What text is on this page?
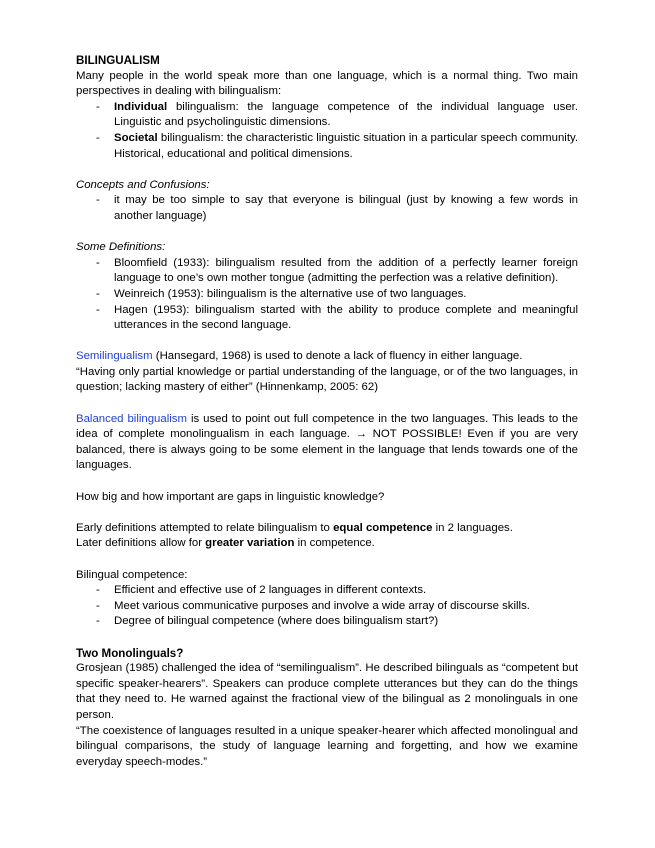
BILINGUALISM

Many people in the world speak more than one language, which is a normal thing. Two main perspectives in dealing with bilingualism:

- Individual bilingualism: the language competence of the individual language user. Linguistic and psycholinguistic dimensions.
- Societal bilingualism: the characteristic linguistic situation in a particular speech community. Historical, educational and political dimensions.

Concepts and Confusions:

- it may be too simple to say that everyone is bilingual (just by knowing a few words in another language)

Some Definitions:

- Bloomfield (1933): bilingualism resulted from the addition of a perfectly learner foreign language to one’s own mother tongue (admitting the perfection was a relative definition).
- Weinreich (1953): bilingualism is the alternative use of two languages.
- Hagen (1953): bilingualism started with the ability to produce complete and meaningful utterances in the second language.

Semilingualism (Hansegard, 1968) is used to denote a lack of fluency in either language.

“Having only partial knowledge or partial understanding of the language, or of the two languages, in question; lacking mastery of either” (Hinnenkamp, 2005: 62)

Balanced bilingualism is used to point out full competence in the two languages. This leads to the idea of complete monolingualism in each language. → NOT POSSIBLE! Even if you are very balanced, there is always going to be some element in the language that lends towards one of the languages.

How big and how important are gaps in linguistic knowledge?

Early definitions attempted to relate bilingualism to equal competence in 2 languages.

Later definitions allow for greater variation in competence.

Bilingual competence:

- Efficient and effective use of 2 languages in different contexts.
- Meet various communicative purposes and involve a wide array of discourse skills.
- Degree of bilingual competence (where does bilingualism start?)
Two Monolinguals?

Grosjean (1985) challenged the idea of “semilingualism”. He described bilinguals as “competent but specific speaker-hearers”. Speakers can produce complete utterances but they can do the things that they need to. He warned against the fractional view of the bilingual as 2 monolinguals in one person.

“The coexistence of languages resulted in a unique speaker-hearer which affected monolingual and bilingual comparisons, the study of language learning and forgetting, and how we examine everyday speech-modes.”
